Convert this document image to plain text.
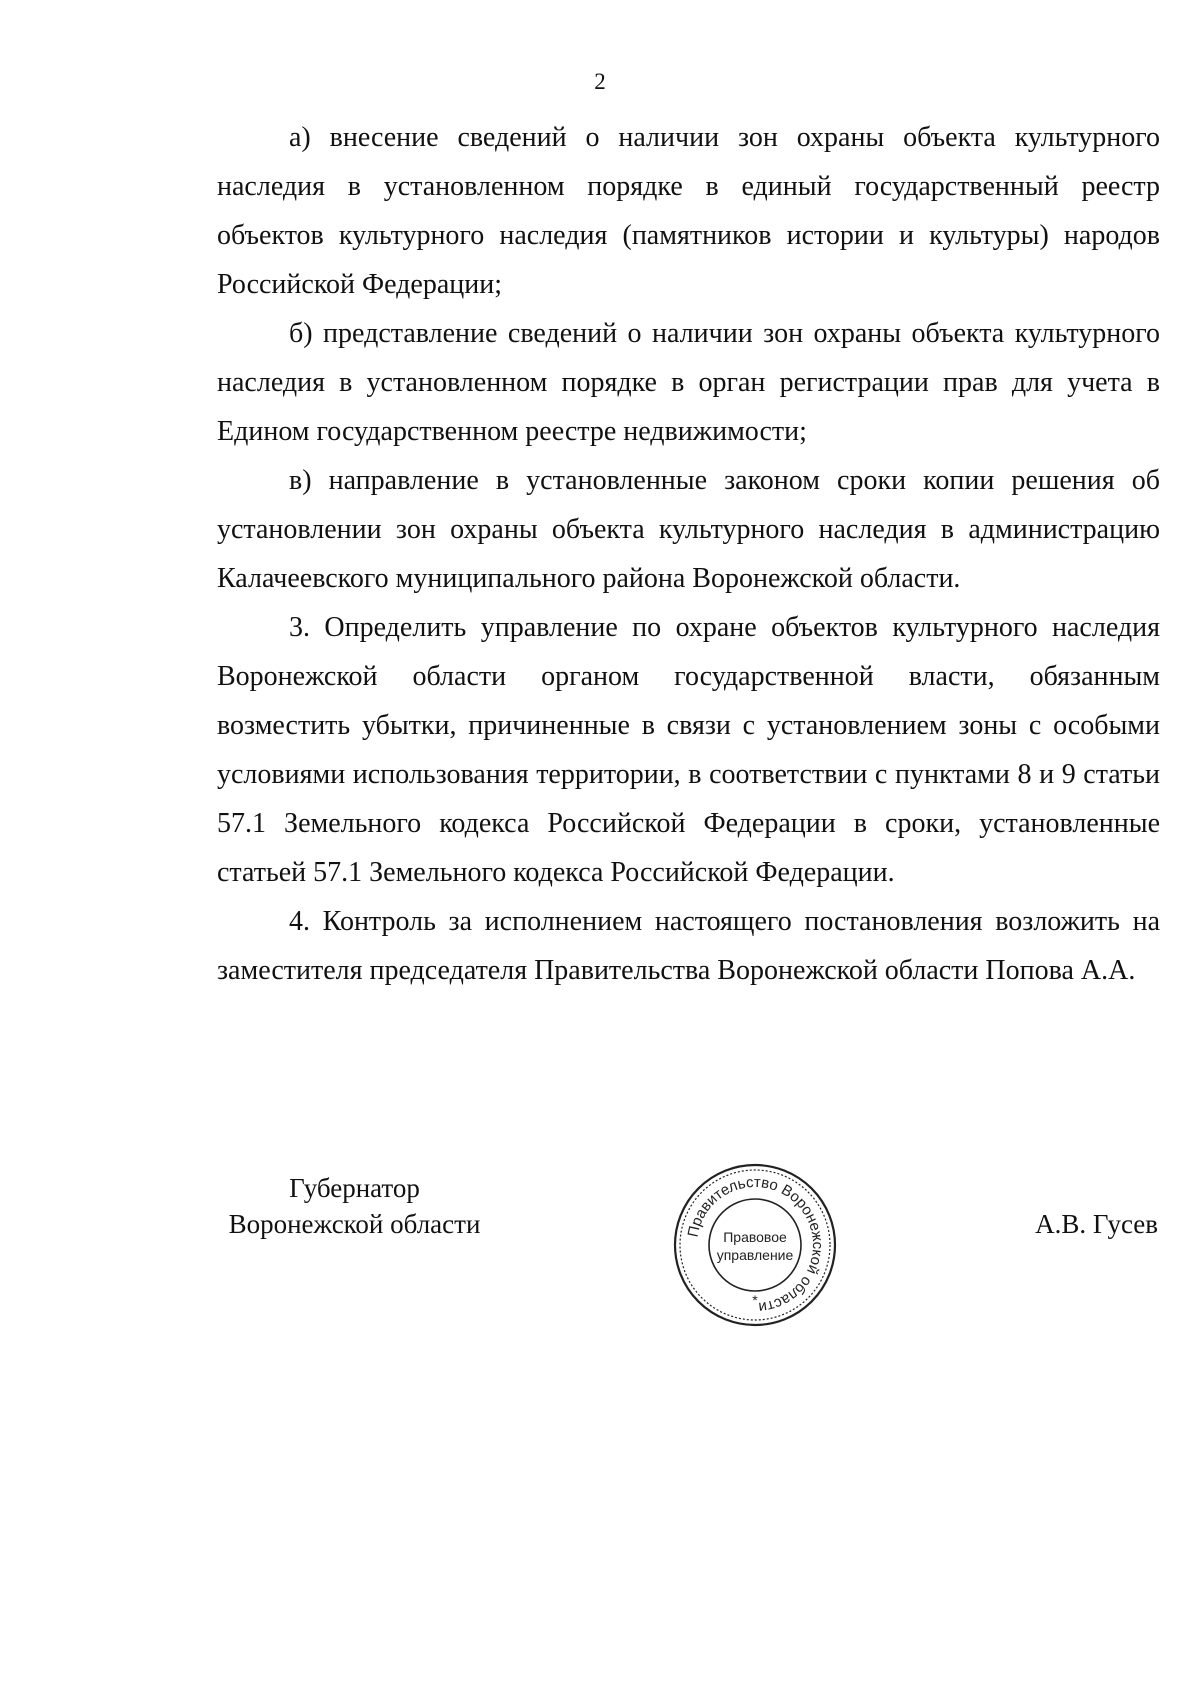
2

а) внесение сведений о наличии зон охраны объекта культурного наследия в установленном порядке в единый государственный реестр объектов культурного наследия (памятников истории и культуры) народов Российской Федерации;

б) представление сведений о наличии зон охраны объекта культурного наследия в установленном порядке в орган регистрации прав для учета в Едином государственном реестре недвижимости;

в) направление в установленные законом сроки копии решения об установлении зон охраны объекта культурного наследия в администрацию Калачеевского муниципального района Воронежской области.

3. Определить управление по охране объектов культурного наследия Воронежской области органом государственной власти, обязанным возместить убытки, причиненные в связи с установлением зоны с особыми условиями использования территории, в соответствии с пунктами 8 и 9 статьи 57.1 Земельного кодекса Российской Федерации в сроки, установленные статьей 57.1 Земельного кодекса Российской Федерации.

4. Контроль за исполнением настоящего постановления возложить на заместителя председателя Правительства Воронежской области Попова А.А.

Губернатор
Воронежской области	Правительство Воронежской области
Правовое
управление
*
А.В. Гусев
